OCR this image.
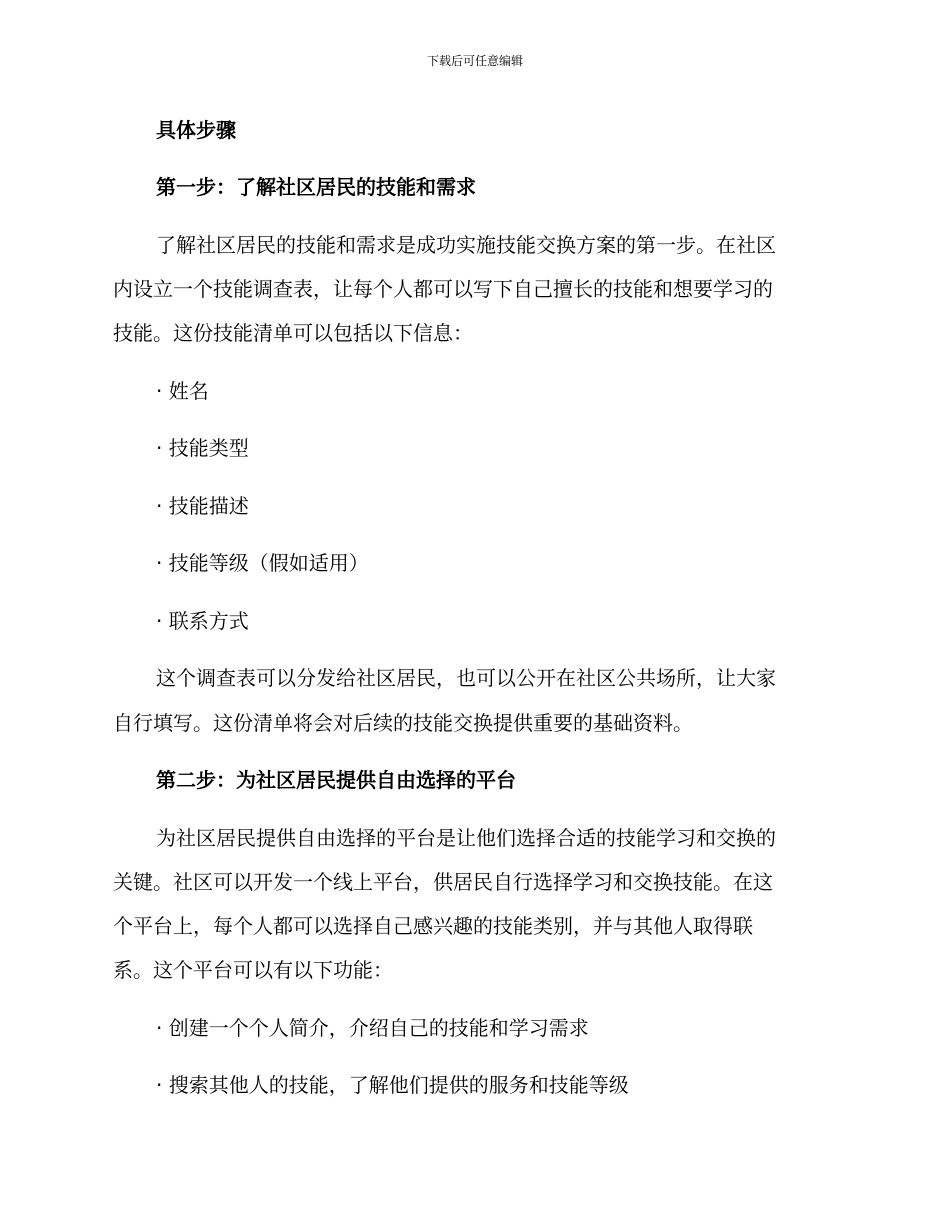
下载后可任意编辑
具体步骤
第一步：了解社区居民的技能和需求
了解社区居民的技能和需求是成功实施技能交换方案的第一步。在社区
内设立一个技能调查表，让每个人都可以写下自己擅长的技能和想要学习的
技能。这份技能清单可以包括以下信息：
· 姓名
· 技能类型
· 技能描述
· 技能等级（假如适用）
· 联系方式
这个调查表可以分发给社区居民，也可以公开在社区公共场所，让大家
自行填写。这份清单将会对后续的技能交换提供重要的基础资料。
第二步：为社区居民提供自由选择的平台
为社区居民提供自由选择的平台是让他们选择合适的技能学习和交换的
关键。社区可以开发一个线上平台，供居民自行选择学习和交换技能。在这
个平台上，每个人都可以选择自己感兴趣的技能类别，并与其他人取得联
系。这个平台可以有以下功能：
· 创建一个个人简介，介绍自己的技能和学习需求
· 搜索其他人的技能，了解他们提供的服务和技能等级
